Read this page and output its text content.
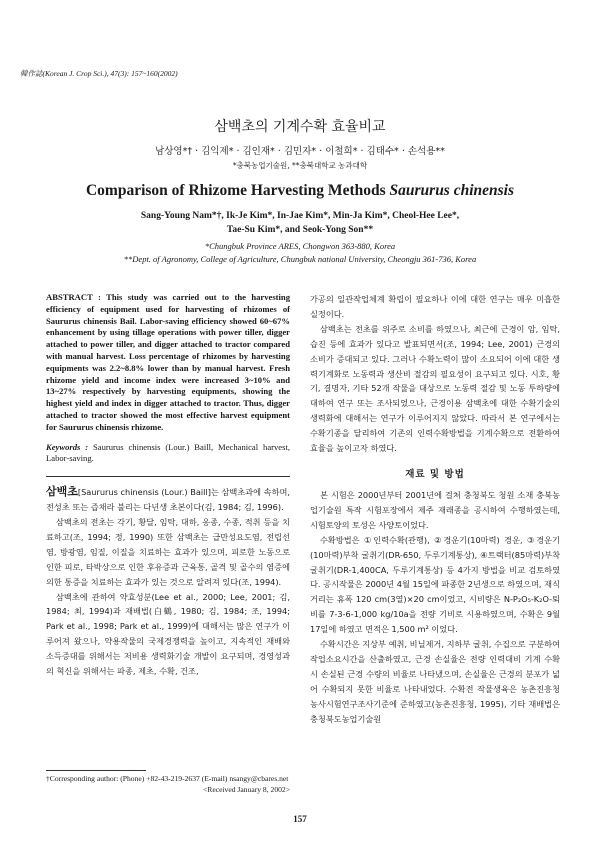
韓作誌(Korean J. Crop Sci.), 47(3): 157~160(2002)
삼백초의 기계수확 효율비교
남상영*† · 김익제* · 김인재* · 김민자* · 이철희* · 김태수* · 손석용**
*충북농업기술원, **충북대학교 농과대학
Comparison of Rhizome Harvesting Methods Saururus chinensis
Sang-Young Nam*†, Ik-Je Kim*, In-Jae Kim*, Min-Ja Kim*, Cheol-Hee Lee*,
Tae-Su Kim*, and Seok-Yong Son**
*Chungbuk Province ARES, Chongwon 363-880, Korea
**Dept. of Agronomy, College of Agriculture, Chungbuk national University, Cheongju 361-736, Korea

ABSTRACT : This study was carried out to the harvesting efficiency of equipment used for harvesting of rhizomes of Saururus chinensis Bail. Labor-saving efficiency showed 60~67% enhancement by using tillage operations with power tiller, digger attached to power tiller, and digger attached to tractor compared with manual harvest. Loss percentage of rhizomes by harvesting equipments was 2.2~8.8% lower than by manual harvest. Fresh rhizome yield and income index were increased 3~10% and 13~27% respectively by harvesting equipments, showing the highest yield and index in digger attached to tractor. Thus, digger attached to tractor showed the most effective harvest equipment for Saururus chinensis rhizome.

Keywords : Saururus chinensis (Lour.) Baill, Mechanical harvest, Labor-saving.

삼백초[Saururus chinensis (Lour.) Baill]는 삼백초과에 속하며, 전성초 또는 즙채라 불리는 다년생 초본이다(김, 1984; 김, 1996).

삼백초의 전초는 각기, 황달, 임탁, 대하, 옹종, 수종, 적취 등을 치료하고(조, 1994; 정, 1990) 또한 삼백초는 급만성요도염, 전립선염, 방광염, 임질, 이질을 치료하는 효과가 있으며, 피로한 노동으로 인한 피로, 타박상으로 인한 후유증과 근육통, 골격 및 골수의 염증에 의한 통증을 치료하는 효과가 있는 것으로 알려져 있다(조, 1994).

삼백초에 관하여 약효성분(Lee et al., 2000; Lee, 2001; 김, 1984; 최, 1994)과 재배법(白鶴, 1980; 김, 1984; 조, 1994; Park et al., 1998; Park et al., 1999)에 대해서는 많은 연구가 이루어져 왔으나, 약용작물의 국제경쟁력을 높이고, 지속적인 재배와 소득증대를 위해서는 저비용 생력화기술 개발이 요구되며, 경영성과의 혁신을 위해서는 파종, 제초, 수확, 건조,

†Corresponding author: (Phone) +82-43-219-2637 (E-mail) nsangy@cbares.net
<Received January 8, 2002>

가공의 일관작업체계 확립이 필요하나 이에 대한 연구는 매우 미흡한 실정이다.

삼백초는 전초를 위주로 소비를 하였으나, 최근에 근경이 암, 임탁, 습진 등에 효과가 있다고 발표되면서(조, 1994; Lee, 2001) 근경의 소비가 증대되고 있다. 그러나 수확노력이 많이 소요되어 이에 대한 생력기계화로 노동력과 생산비 절감의 필요성이 요구되고 있다. 시호, 황기, 결명자, 기타 52개 작물을 대상으로 노동력 절감 및 노동 투하량에 대하여 연구 또는 조사되었으나, 근경이용 삼백초에 대한 수확기술의 생력화에 대해서는 연구가 이루어지지 않았다. 따라서 본 연구에서는 수확기종을 달리하여 기존의 인력수확방법을 기계수확으로 전환하여 효율을 높이고자 하였다.

재료 및 방법

본 시험은 2000년부터 2001년에 걸쳐 충청북도 청원 소재 충북농업기술원 특작 시험포장에서 제주 재래종을 공시하여 수행하였는데, 시험토양의 토성은 사양토이었다.

수확방법은 ①인력수확(관행), ②경운기(10마력) 경운, ③경운기(10마력)부착 굴취기(DR-650, 두루기계통상), ④트랙터(85마력)부착 굴취기(DR-1,400CA, 두루기계통상) 등 4가지 방법을 비교 검토하였다. 공시작물은 2000년 4월 15일에 파종한 2년생으로 하였으며, 재식거리는 휴폭 120 cm(3열)×20 cm이었고, 시비량은 N-P₂O₅-K₂O-퇴비를 7-3-6-1,000 kg/10a을 전량 기비로 시용하였으며, 수확은 9월 17일에 하였고 면적은 1,500 m² 이었다.

수확시간은 지상부 예취, 비닐제거, 지하부 굴취, 수집으로 구분하여 작업소요시간을 산출하였고, 근경 손실율은 전량 인력대비 기계 수확시 손실된 근경 수량의 비율로 나타냈으며, 손실율은 근경의 분포가 넓어 수확되지 못한 비율로 나타내었다. 수확전 작물생육은 농촌진흥청 농사시험연구조사기준에 준하였고(농촌진흥청, 1995), 기타 재배법은 충청북도농업기술원

157
